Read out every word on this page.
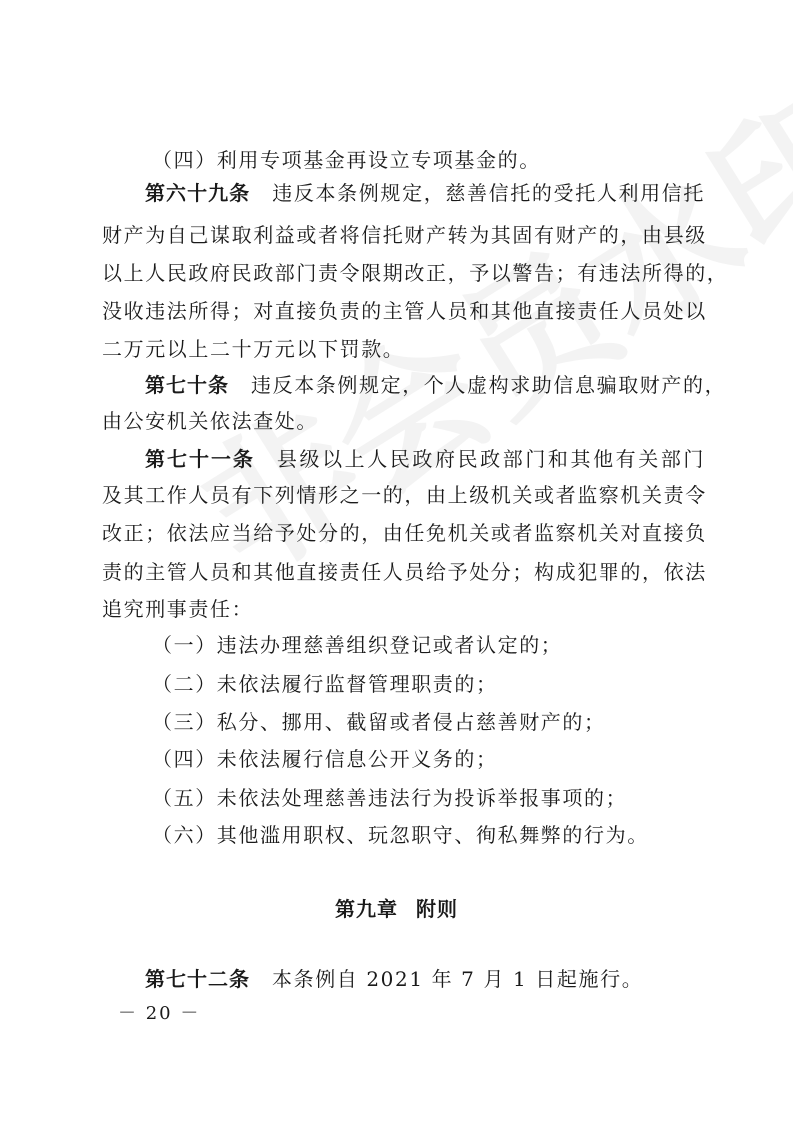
（四）利用专项基金再设立专项基金的。
第六十九条 违反本条例规定，慈善信托的受托人利用信托
财产为自己谋取利益或者将信托财产转为其固有财产的，由县级
以上人民政府民政部门责令限期改正，予以警告；有违法所得的，
没收违法所得；对直接负责的主管人员和其他直接责任人员处以
二万元以上二十万元以下罚款。
第七十条 违反本条例规定，个人虚构求助信息骗取财产的，
由公安机关依法查处。
第七十一条 县级以上人民政府民政部门和其他有关部门
及其工作人员有下列情形之一的，由上级机关或者监察机关责令
改正；依法应当给予处分的，由任免机关或者监察机关对直接负
责的主管人员和其他直接责任人员给予处分；构成犯罪的，依法
追究刑事责任：
（一）违法办理慈善组织登记或者认定的；
（二）未依法履行监督管理职责的；
（三）私分、挪用、截留或者侵占慈善财产的；
（四）未依法履行信息公开义务的；
（五）未依法处理慈善违法行为投诉举报事项的；
（六）其他滥用职权、玩忽职守、徇私舞弊的行为。
第九章 附则
第七十二条 本条例自 2021 年 7 月 1 日起施行。
－ 20 －
